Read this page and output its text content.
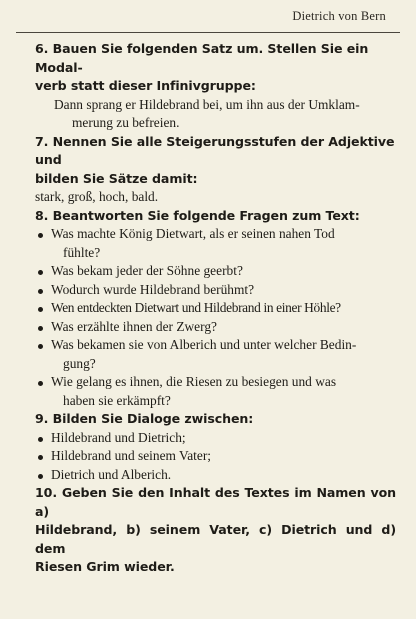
Dietrich von Bern
6. Bauen Sie folgenden Satz um. Stellen Sie ein Modal-
verb statt dieser Infinivgruppe:
Dann sprang er Hildebrand bei, um ihn aus der Umklam-
merung zu befreien.
7. Nennen Sie alle Steigerungsstufen der Adjektive und
bilden Sie Sätze damit:
stark, groß, hoch, bald.
8. Beantworten Sie folgende Fragen zum Text:
Was machte König Dietwart, als er seinen nahen Tod
fühlte?
Was bekam jeder der Söhne geerbt?
Wodurch wurde Hildebrand berühmt?
Wen entdeckten Dietwart und Hildebrand in einer Höhle?
Was erzählte ihnen der Zwerg?
Was bekamen sie von Alberich und unter welcher Bedin-
gung?
Wie gelang es ihnen, die Riesen zu besiegen und was
haben sie erkämpft?
9. Bilden Sie Dialoge zwischen:
Hildebrand und Dietrich;
Hildebrand und seinem Vater;
Dietrich und Alberich.
10. Geben Sie den Inhalt des Textes im Namen von a)
Hildebrand, b) seinem Vater, c) Dietrich und d) dem
Riesen Grim wieder.
